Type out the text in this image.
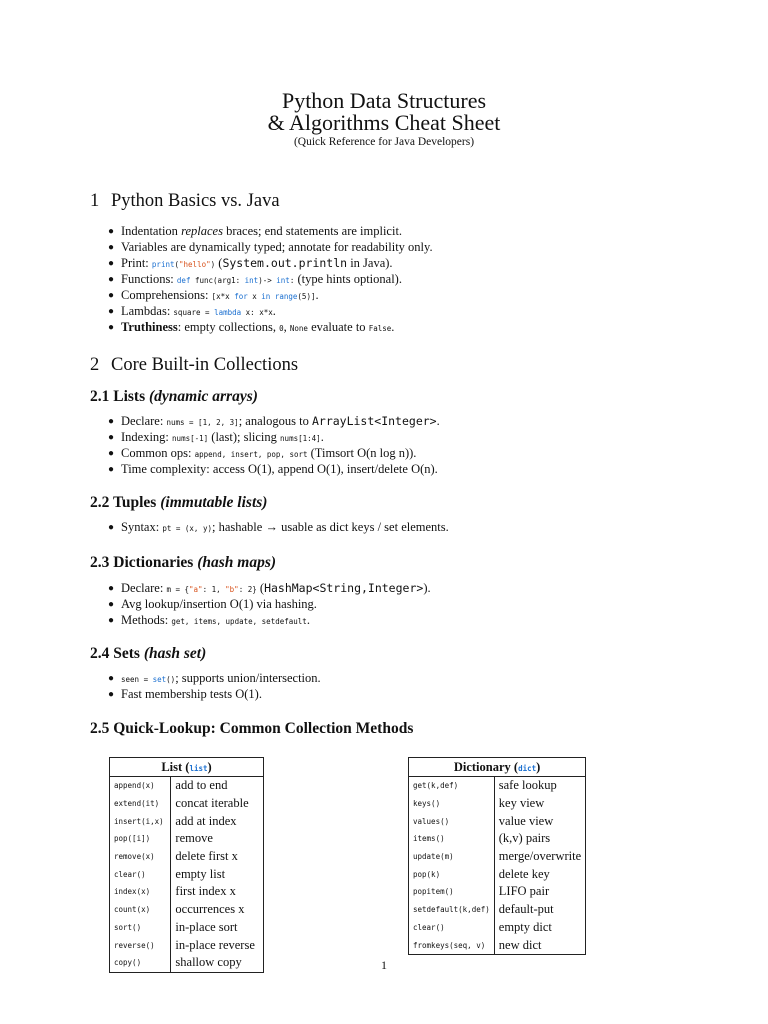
Python Data Structures
& Algorithms Cheat Sheet
(Quick Reference for Java Developers)
1 Python Basics vs. Java
● Indentation replaces braces; end statements are implicit.
● Variables are dynamically typed; annotate for readability only.
● Print: print("hello") (System.out.println in Java).
● Functions: def func(arg1: int)-> int: (type hints optional).
● Comprehensions: [x*x for x in range(5)].
● Lambdas: square = lambda x: x*x.
● Truthiness: empty collections, 0, None evaluate to False.
2 Core Built-in Collections
2.1 Lists (dynamic arrays)
● Declare: nums = [1, 2, 3]; analogous to ArrayList<Integer>.
● Indexing: nums[-1] (last); slicing nums[1:4].
● Common ops: append, insert, pop, sort (Timsort O(n log n)).
● Time complexity: access O(1), append O(1), insert/delete O(n).
2.2 Tuples (immutable lists)
● Syntax: pt = (x, y); hashable → usable as dict keys / set elements.
2.3 Dictionaries (hash maps)
● Declare: m = {"a": 1, "b": 2} (HashMap<String,Integer>).
● Avg lookup/insertion O(1) via hashing.
● Methods: get, items, update, setdefault.
2.4 Sets (hash set)
● seen = set(); supports union/intersection.
● Fast membership tests O(1).
2.5 Quick-Lookup: Common Collection Methods
List (list)	
append(x)	add to end
extend(it)	concat iterable
insert(i,x)	add at index
pop([i])	remove
remove(x)	delete first x
clear()	empty list
index(x)	first index x
count(x)	occurrences x
sort()	in-place sort
reverse()	in-place reverse
copy()	shallow copy
Dictionary (dict)	
get(k,def)	safe lookup
keys()	key view
values()	value view
items()	(k,v) pairs
update(m)	merge/overwrite
pop(k)	delete key
popitem()	LIFO pair
setdefault(k,def)	default-put
clear()	empty dict
fromkeys(seq, v)	new dict
1
